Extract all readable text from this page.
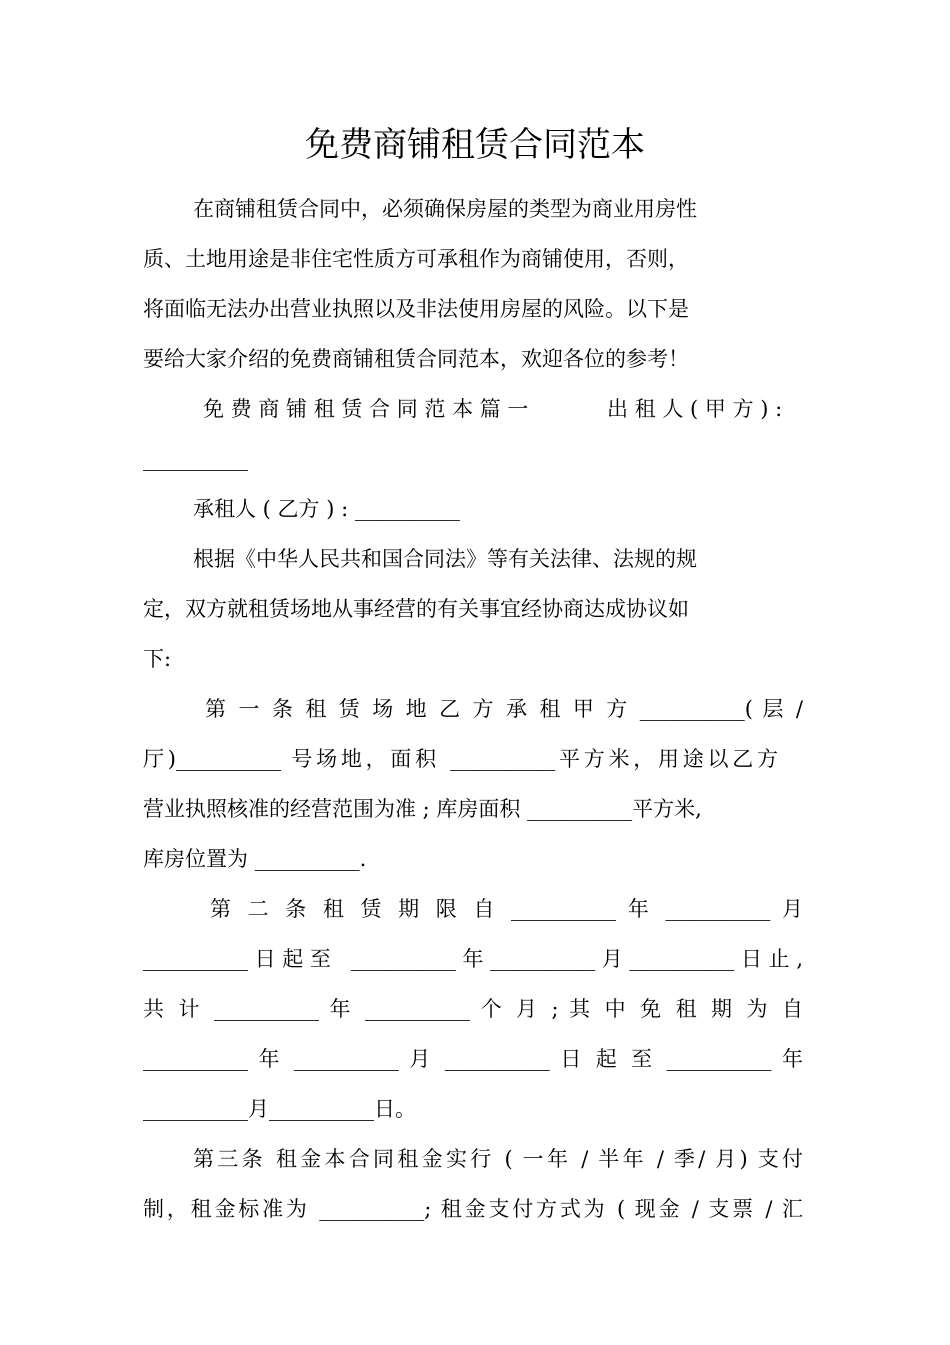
免费商铺租赁合同范本
在商铺租赁合同中，必须确保房屋的类型为商业用房性
质、土地用途是非住宅性质方可承租作为商铺使用，否则，
将面临无法办出营业执照以及非法使用房屋的风险。以下是
要给大家介绍的免费商铺租赁合同范本，欢迎各位的参考！
免 费 商 铺 租 赁 合 同 范 本 篇 一	出 租 人 ( 甲 方 ) :
__________
承租人 ( 乙方 ) : __________
根据《中华人民共和国合同法》等有关法律、法规的规
定，双方就租赁场地从事经营的有关事宜经协商达成协议如
下:
第 一 条 租 赁 场 地 乙 方 承 租 甲 方 __________( 层 /
厅)__________ 号场地，面积 __________平方米，用途以乙方
营业执照核准的经营范围为准 ; 库房面积 __________平方米,
库房位置为 __________.
第 二 条 租 赁 期 限 自 __________ 年 __________ 月
__________日起至 __________年__________月__________日止,
共 计 __________ 年 __________ 个 月 ; 其 中 免 租 期 为 自
__________ 年 __________ 月 __________ 日 起 至 __________ 年
__________月__________日。
第三条 租金本合同租金实行 ( 一年 / 半年 / 季/ 月) 支付
制，租金标准为 __________; 租金支付方式为 ( 现金 / 支票 / 汇
